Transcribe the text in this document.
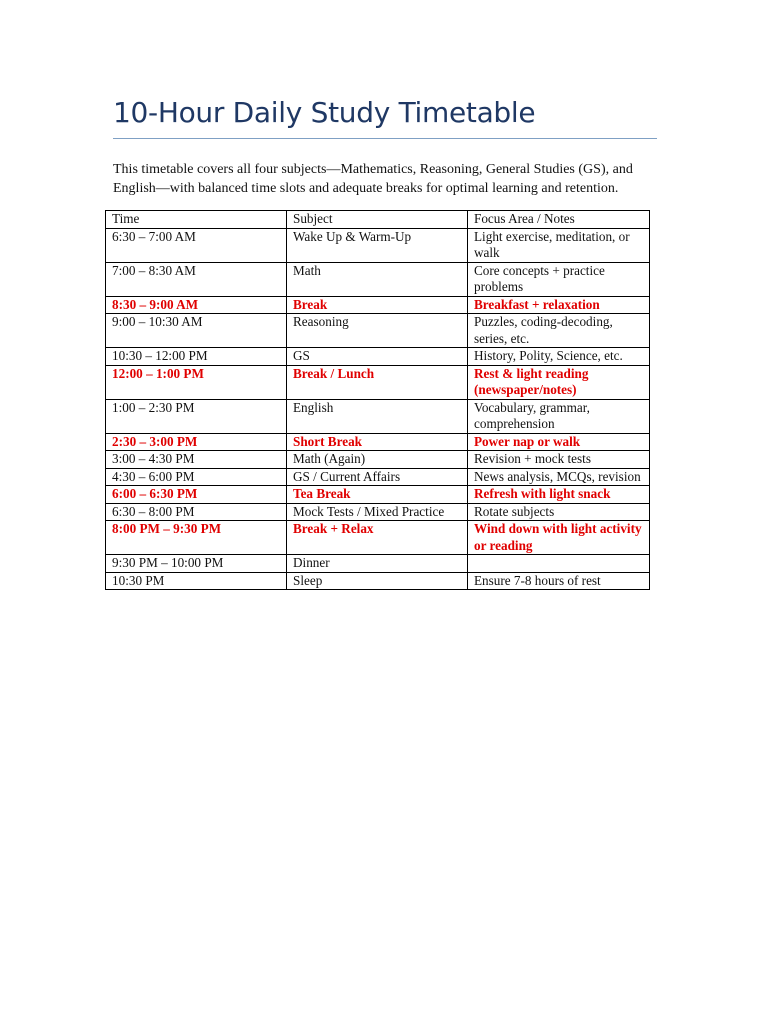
10-Hour Daily Study Timetable

This timetable covers all four subjects—Mathematics, Reasoning, General Studies (GS), and English—with balanced time slots and adequate breaks for optimal learning and retention.

Time	Subject	Focus Area / Notes
6:30 – 7:00 AM	Wake Up & Warm-Up	Light exercise, meditation, or walk
7:00 – 8:30 AM	Math	Core concepts + practice problems
8:30 – 9:00 AM	Break	Breakfast + relaxation
9:00 – 10:30 AM	Reasoning	Puzzles, coding-decoding, series, etc.
10:30 – 12:00 PM	GS	History, Polity, Science, etc.
12:00 – 1:00 PM	Break / Lunch	Rest & light reading (newspaper/notes)
1:00 – 2:30 PM	English	Vocabulary, grammar, comprehension
2:30 – 3:00 PM	Short Break	Power nap or walk
3:00 – 4:30 PM	Math (Again)	Revision + mock tests
4:30 – 6:00 PM	GS / Current Affairs	News analysis, MCQs, revision
6:00 – 6:30 PM	Tea Break	Refresh with light snack
6:30 – 8:00 PM	Mock Tests / Mixed Practice	Rotate subjects
8:00 PM – 9:30 PM	Break + Relax	Wind down with light activity or reading
9:30 PM – 10:00 PM	Dinner	
10:30 PM	Sleep	Ensure 7-8 hours of rest
